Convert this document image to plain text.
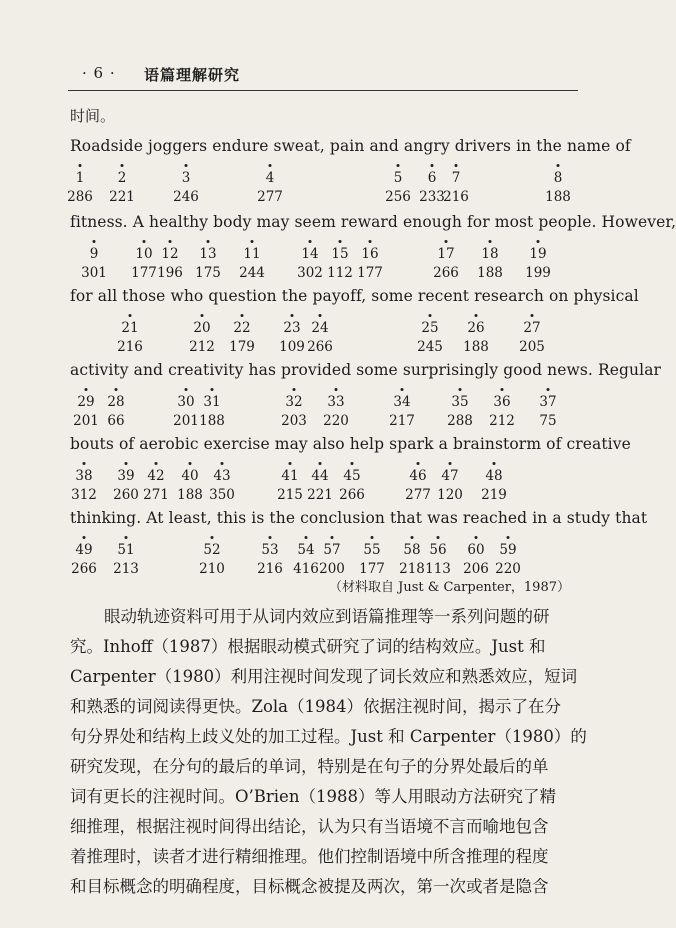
· 6 · 语篇理解研究
时间。
Roadside joggers endure sweat, pain and angry drivers in the name of
1
286
2
221
3
246
4
277
5
256
6
233
7
216
8
188
fitness. A healthy body may seem reward enough for most people. However,
9
301
10
177
12
196
13
175
11
244
14
302
15
112
16
177
17
266
18
188
19
199
for all those who question the payoff, some recent research on physical
21
216
20
212
22
179
23
109
24
266
25
245
26
188
27
205
activity and creativity has provided some surprisingly good news. Regular
29
201
28
66
30
201
31
188
32
203
33
220
34
217
35
288
36
212
37
75
bouts of aerobic exercise may also help spark a brainstorm of creative
38
312
39
260
42
271
40
188
43
350
41
215
44
221
45
266
46
277
47
120
48
219
thinking. At least, this is the conclusion that was reached in a study that
49
266
51
213
52
210
53
216
54
416
57
200
55
177
58
218
56
113
60
206
59
220
（材料取自 Just & Carpenter，1987）
眼动轨迹资料可用于从词内效应到语篇推理等一系列问题的研
究。Inhoff（1987）根据眼动模式研究了词的结构效应。Just 和
Carpenter（1980）利用注视时间发现了词长效应和熟悉效应，短词
和熟悉的词阅读得更快。Zola（1984）依据注视时间，揭示了在分
句分界处和结构上歧义处的加工过程。Just 和 Carpenter（1980）的
研究发现，在分句的最后的单词，特别是在句子的分界处最后的单
词有更长的注视时间。O’Brien（1988）等人用眼动方法研究了精
细推理，根据注视时间得出结论，认为只有当语境不言而喻地包含
着推理时，读者才进行精细推理。他们控制语境中所含推理的程度
和目标概念的明确程度，目标概念被提及两次，第一次或者是隐含
